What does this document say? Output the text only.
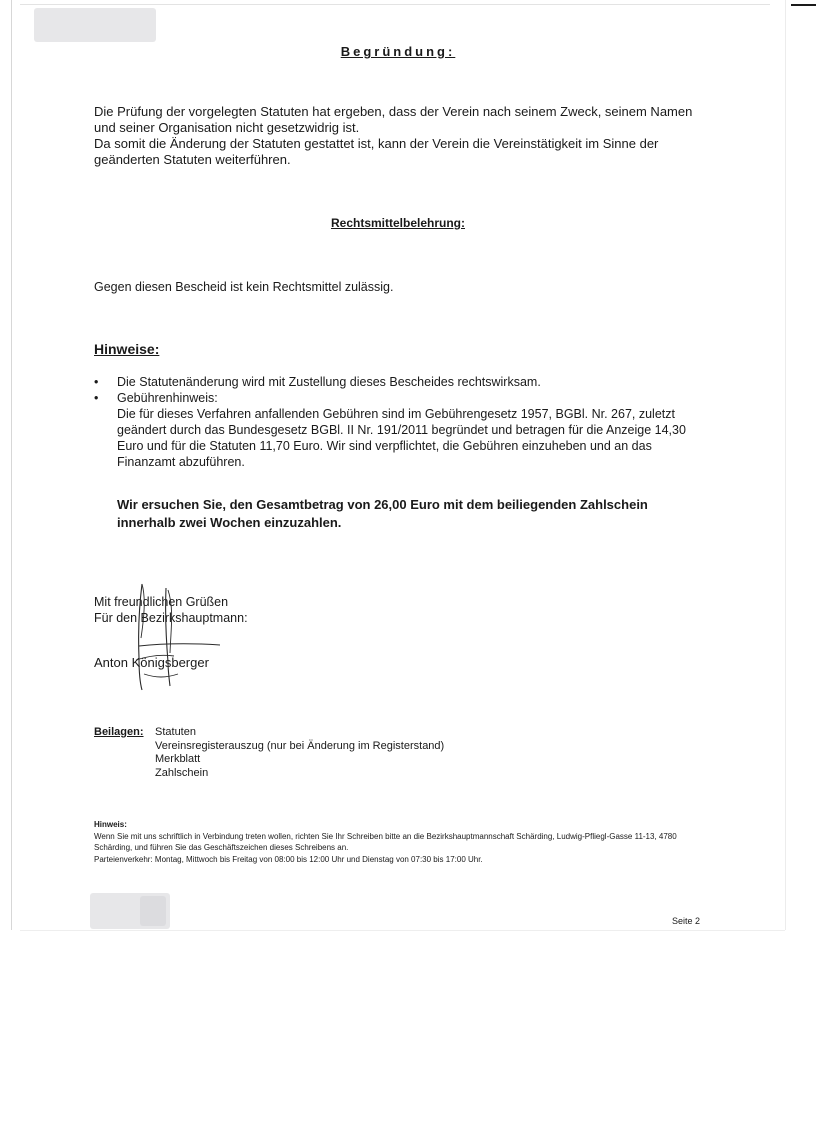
Begründung:
Die Prüfung der vorgelegten Statuten hat ergeben, dass der Verein nach seinem Zweck, seinem Namen und seiner Organisation nicht gesetzwidrig ist.
Da somit die Änderung der Statuten gestattet ist, kann der Verein die Vereinstätigkeit im Sinne der geänderten Statuten weiterführen.
Rechtsmittelbelehrung:
Gegen diesen Bescheid ist kein Rechtsmittel zulässig.
Hinweise:
• Die Statutenänderung wird mit Zustellung dieses Bescheides rechtswirksam.
• Gebührenhinweis:
Die für dieses Verfahren anfallenden Gebühren sind im Gebührengesetz 1957, BGBl. Nr. 267, zuletzt geändert durch das Bundesgesetz BGBl. II Nr. 191/2011 begründet und betragen für die Anzeige 14,30 Euro und für die Statuten 11,70 Euro. Wir sind verpflichtet, die Gebühren einzuheben und an das Finanzamt abzuführen.
Wir ersuchen Sie, den Gesamtbetrag von 26,00 Euro mit dem beiliegenden Zahlschein innerhalb zwei Wochen einzuzahlen.
Mit freundlichen Grüßen
Für den Bezirkshauptmann:
Anton Königsberger
Beilagen: Statuten
Vereinsregisterauszug (nur bei Änderung im Registerstand)
Merkblatt
Zahlschein
Hinweis:
Wenn Sie mit uns schriftlich in Verbindung treten wollen, richten Sie Ihr Schreiben bitte an die Bezirkshauptmannschaft Schärding, Ludwig-Pfliegl-Gasse 11-13, 4780 Schärding, und führen Sie das Geschäftszeichen dieses Schreibens an.
Parteienverkehr: Montag, Mittwoch bis Freitag von 08:00 bis 12:00 Uhr und Dienstag von 07:30 bis 17:00 Uhr.
Seite 2
